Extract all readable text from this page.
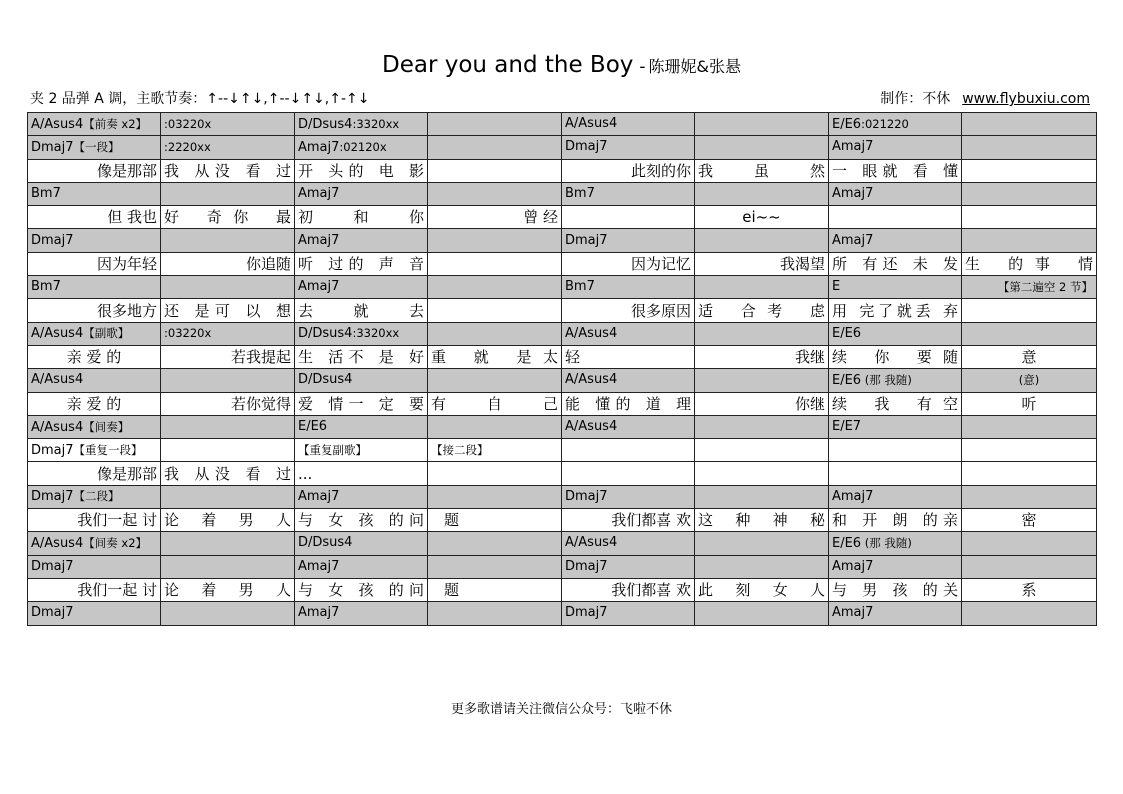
Dear you and the Boy - 陈珊妮&张悬
夹 2 品弹 A 调，主歌节奏：↑--↓↑↓,↑--↓↑↓,↑-↑↓	制作：不休 www.flybuxiu.com
A/Asus4【前奏 x2】	:03220x	D/Dsus4:3320xx		A/Asus4		E/E6:021220	
Dmaj7【一段】	:2220xx	Amaj7:02120x		Dmaj7		Amaj7	
像是那部	我 从没 看 过	开 头的 电 影		此刻的你	我 虽 然	一 眼就 看 懂	
Bm7		Amaj7		Bm7		Amaj7	
但 我也	好 奇你 最	初 和 你	曾 经		ei~~		
Dmaj7		Amaj7		Dmaj7		Amaj7	
因为年轻	你追随	听 过的 声 音		因为记忆	我渴望	所 有还 未 发	生 的事 情
Bm7		Amaj7		Bm7		E	【第二遍空 2 节】
很多地方	还 是可 以 想	去 就 去		很多原因	适 合考 虑	用 完了就丢 弃	
A/Asus4【副歌】	:03220x	D/Dsus4:3320xx		A/Asus4		E/E6	
亲 爱 的	若我提起	生 活不 是 好	重 就 是太	轻	我继	续 你 要随	意
A/Asus4		D/Dsus4		A/Asus4		E/E6 (那 我随)	(意)
亲 爱 的	若你觉得	爱 情一 定 要	有 自 己	能 懂的 道 理	你继	续 我 有空	听
A/Asus4【间奏】		E/E6		A/Asus4		E/E7	
Dmaj7【重复一段】		【重复副歌】	【接二段】				
像是那部	我 从没 看 过	...					
Dmaj7【二段】		Amaj7		Dmaj7		Amaj7	
我们一起 讨	论 着 男 人	与 女 孩 的问	题	我们都喜 欢	这 种 神 秘	和 开 朗 的亲	密
A/Asus4【间奏 x2】		D/Dsus4		A/Asus4		E/E6 (那 我随)	
Dmaj7		Amaj7		Dmaj7		Amaj7	
我们一起 讨	论 着 男 人	与 女 孩 的问	题	我们都喜 欢	此 刻 女 人	与 男 孩 的关	系
Dmaj7		Amaj7		Dmaj7		Amaj7	
更多歌谱请关注微信公众号：飞啦不休
